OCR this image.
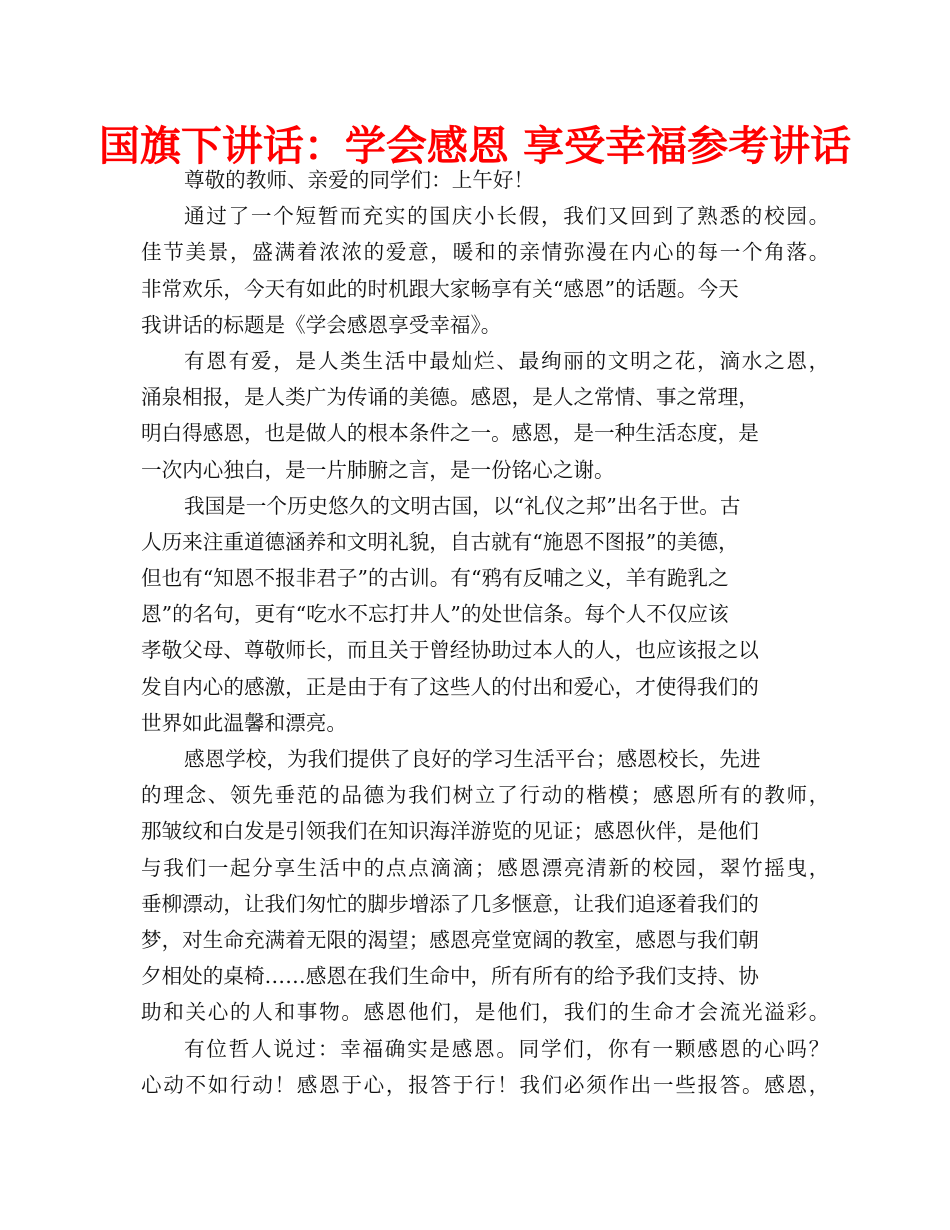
国旗下讲话：学会感恩 享受幸福参考讲话
尊敬的教师、亲爱的同学们：上午好！
通过了一个短暂而充实的国庆小长假，我们又回到了熟悉的校园。
佳节美景，盛满着浓浓的爱意，暖和的亲情弥漫在内心的每一个角落。
非常欢乐，今天有如此的时机跟大家畅享有关“感恩”的话题。今天
我讲话的标题是《学会感恩享受幸福》。
有恩有爱，是人类生活中最灿烂、最绚丽的文明之花，滴水之恩，
涌泉相报，是人类广为传诵的美德。感恩，是人之常情、事之常理，
明白得感恩，也是做人的根本条件之一。感恩，是一种生活态度，是
一次内心独白，是一片肺腑之言，是一份铭心之谢。
我国是一个历史悠久的文明古国，以“礼仪之邦”出名于世。古
人历来注重道德涵养和文明礼貌，自古就有“施恩不图报”的美德，
但也有“知恩不报非君子”的古训。有“鸦有反哺之义，羊有跪乳之
恩”的名句，更有“吃水不忘打井人”的处世信条。每个人不仅应该
孝敬父母、尊敬师长，而且关于曾经协助过本人的人，也应该报之以
发自内心的感激，正是由于有了这些人的付出和爱心，才使得我们的
世界如此温馨和漂亮。
感恩学校，为我们提供了良好的学习生活平台；感恩校长，先进
的理念、领先垂范的品德为我们树立了行动的楷模；感恩所有的教师，
那皱纹和白发是引领我们在知识海洋游览的见证；感恩伙伴，是他们
与我们一起分享生活中的点点滴滴；感恩漂亮清新的校园，翠竹摇曳，
垂柳漂动，让我们匆忙的脚步增添了几多惬意，让我们追逐着我们的
梦，对生命充满着无限的渴望；感恩亮堂宽阔的教室，感恩与我们朝
夕相处的桌椅……感恩在我们生命中，所有所有的给予我们支持、协
助和关心的人和事物。感恩他们，是他们，我们的生命才会流光溢彩。
有位哲人说过：幸福确实是感恩。同学们，你有一颗感恩的心吗？
心动不如行动！感恩于心，报答于行！我们必须作出一些报答。感恩，
